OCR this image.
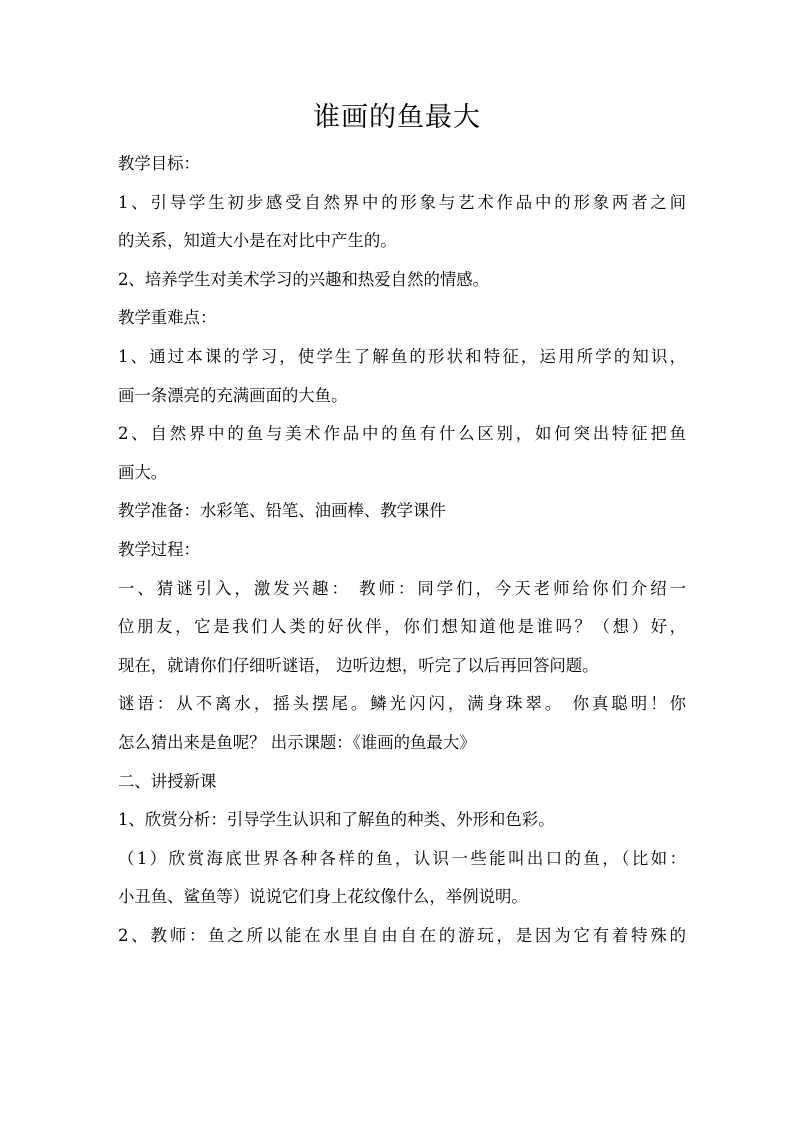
谁画的鱼最大
教学目标：
1、引导学生初步感受自然界中的形象与艺术作品中的形象两者之间
的关系，知道大小是在对比中产生的。
2、培养学生对美术学习的兴趣和热爱自然的情感。
教学重难点：
1、通过本课的学习，使学生了解鱼的形状和特征，运用所学的知识，
画一条漂亮的充满画面的大鱼。
2、自然界中的鱼与美术作品中的鱼有什么区别，如何突出特征把鱼
画大。
教学准备：水彩笔、铅笔、油画棒、教学课件
教学过程：
一、猜谜引入，激发兴趣： 教师：同学们，今天老师给你们介绍一
位朋友，它是我们人类的好伙伴，你们想知道他是谁吗？（想）好，
现在，就请你们仔细听谜语， 边听边想，听完了以后再回答问题。
谜语：从不离水，摇头摆尾。鳞光闪闪，满身珠翠。 你真聪明！你
怎么猜出来是鱼呢？ 出示课题：《谁画的鱼最大》
二、讲授新课
1、欣赏分析：引导学生认识和了解鱼的种类、外形和色彩。
（1）欣赏海底世界各种各样的鱼，认识一些能叫出口的鱼，（比如：
小丑鱼、鲨鱼等）说说它们身上花纹像什么，举例说明。
2、教师：鱼之所以能在水里自由自在的游玩，是因为它有着特殊的
